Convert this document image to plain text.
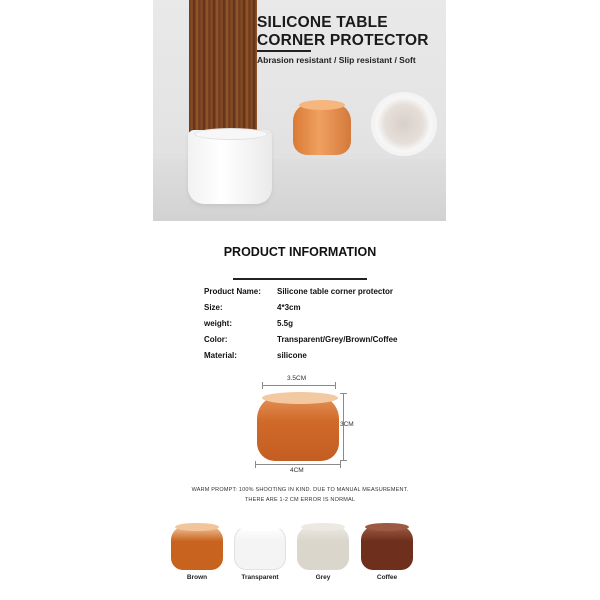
SILICONE TABLE CORNER PROTECTOR
Abrasion resistant / Slip resistant / Soft
PRODUCT INFORMATION
Product Name: Silicone table corner protector
Size:	4*3cm
weight:	5.5g
Color:	Transparent/Grey/Brown/Coffee
Material:	silicone
3.5CM
3CM
4CM
WARM PROMPT: 100% SHOOTING IN KIND. DUE TO MANUAL MEASUREMENT.
THERE ARE 1-2 CM ERROR IS NORMAL
Brown	Transparent	Grey	Coffee
